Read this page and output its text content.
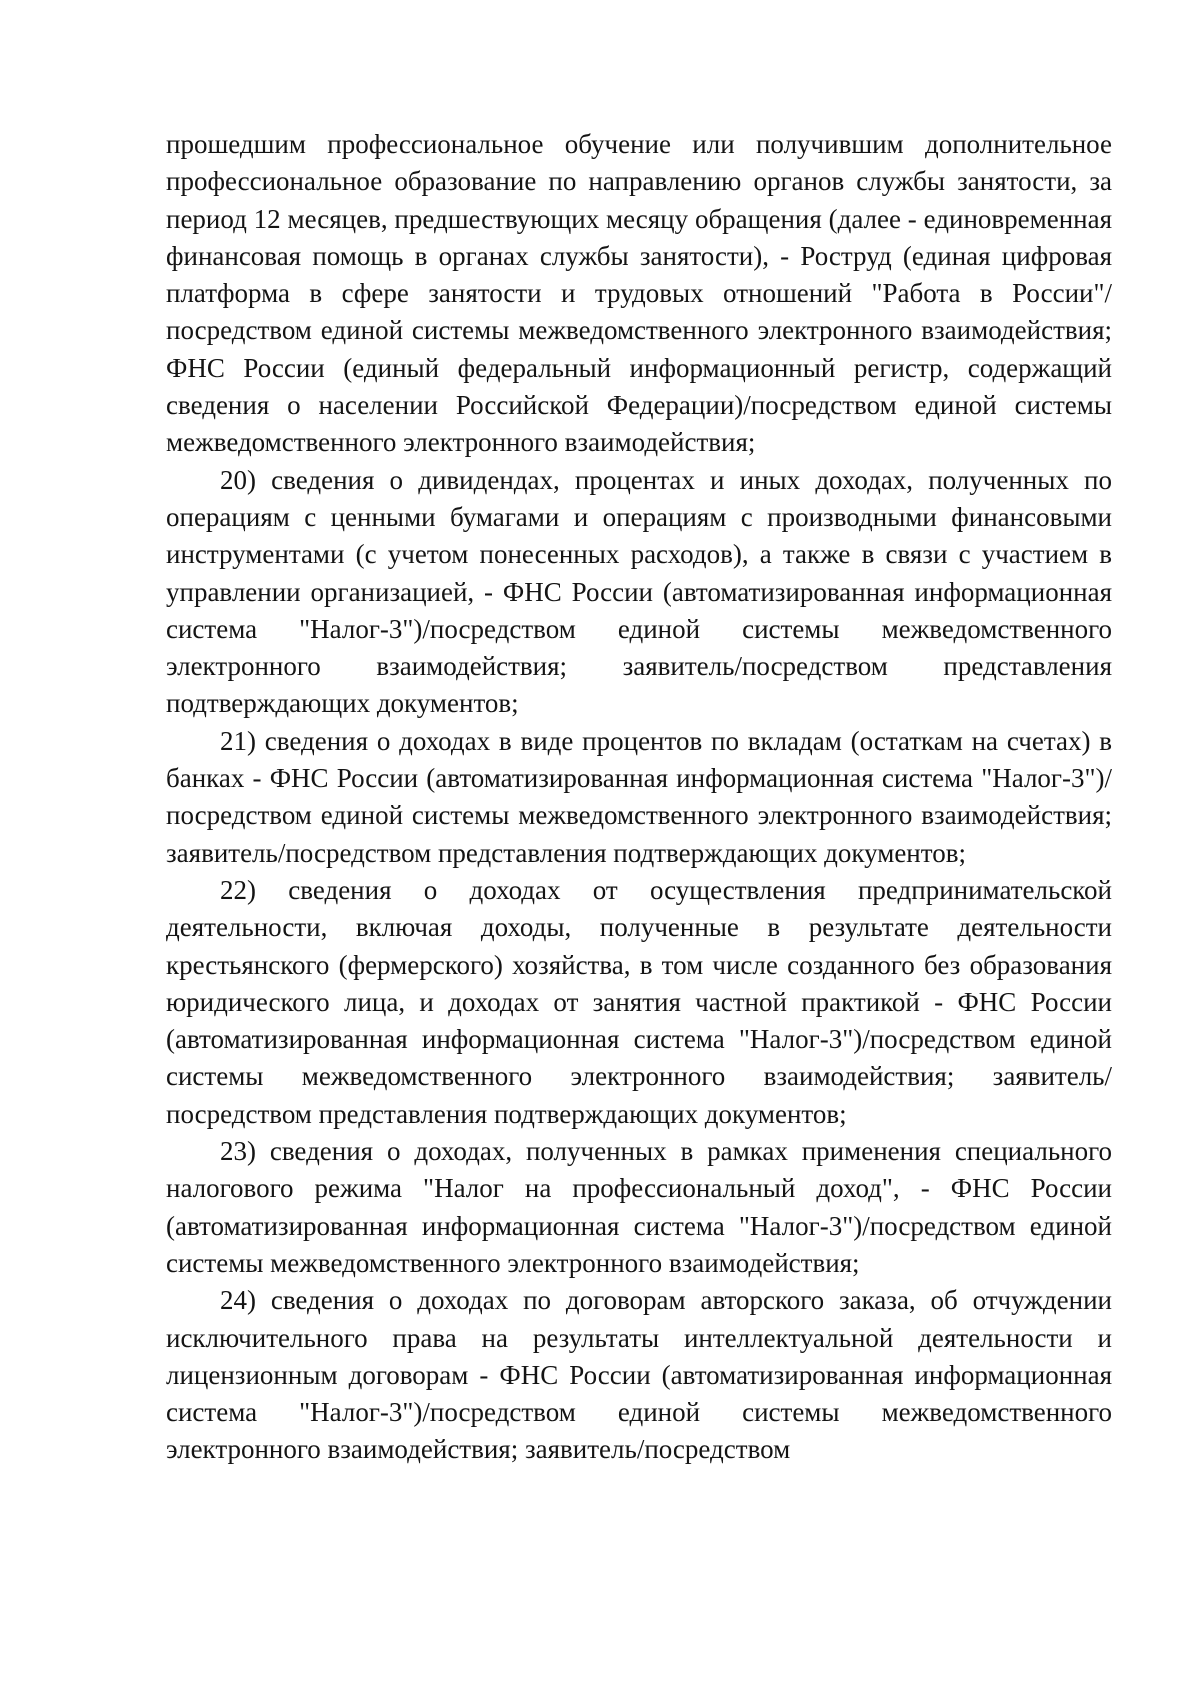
прошедшим профессиональное обучение или получившим дополнительное профессиональное образование по направлению органов службы занятости, за период 12 месяцев, предшествующих месяцу обращения (далее - единовременная финансовая помощь в органах службы занятости), - Роструд (единая цифровая платформа в сфере занятости и трудовых отношений "Работа в России"/посредством единой системы межведомственного электронного взаимодействия; ФНС России (единый федеральный информационный регистр, содержащий сведения о населении Российской Федерации)/посредством единой системы межведомственного электронного взаимодействия;

20) сведения о дивидендах, процентах и иных доходах, полученных по операциям с ценными бумагами и операциям с производными финансовыми инструментами (с учетом понесенных расходов), а также в связи с участием в управлении организацией, - ФНС России (автоматизированная информационная система "Налог-3")/посредством единой системы межведомственного электронного взаимодействия; заявитель/посредством представления подтверждающих документов;

21) сведения о доходах в виде процентов по вкладам (остаткам на счетах) в банках - ФНС России (автоматизированная информационная система "Налог-3")/посредством единой системы межведомственного электронного взаимодействия; заявитель/посредством представления подтверждающих документов;

22) сведения о доходах от осуществления предпринимательской деятельности, включая доходы, полученные в результате деятельности крестьянского (фермерского) хозяйства, в том числе созданного без образования юридического лица, и доходах от занятия частной практикой - ФНС России (автоматизированная информационная система "Налог-3")/посредством единой системы межведомственного электронного взаимодействия; заявитель/посредством представления подтверждающих документов;

23) сведения о доходах, полученных в рамках применения специального налогового режима "Налог на профессиональный доход", - ФНС России (автоматизированная информационная система "Налог-3")/посредством единой системы межведомственного электронного взаимодействия;

24) сведения о доходах по договорам авторского заказа, об отчуждении исключительного права на результаты интеллектуальной деятельности и лицензионным договорам - ФНС России (автоматизированная информационная система "Налог-3")/посредством единой системы межведомственного электронного взаимодействия; заявитель/посредством
